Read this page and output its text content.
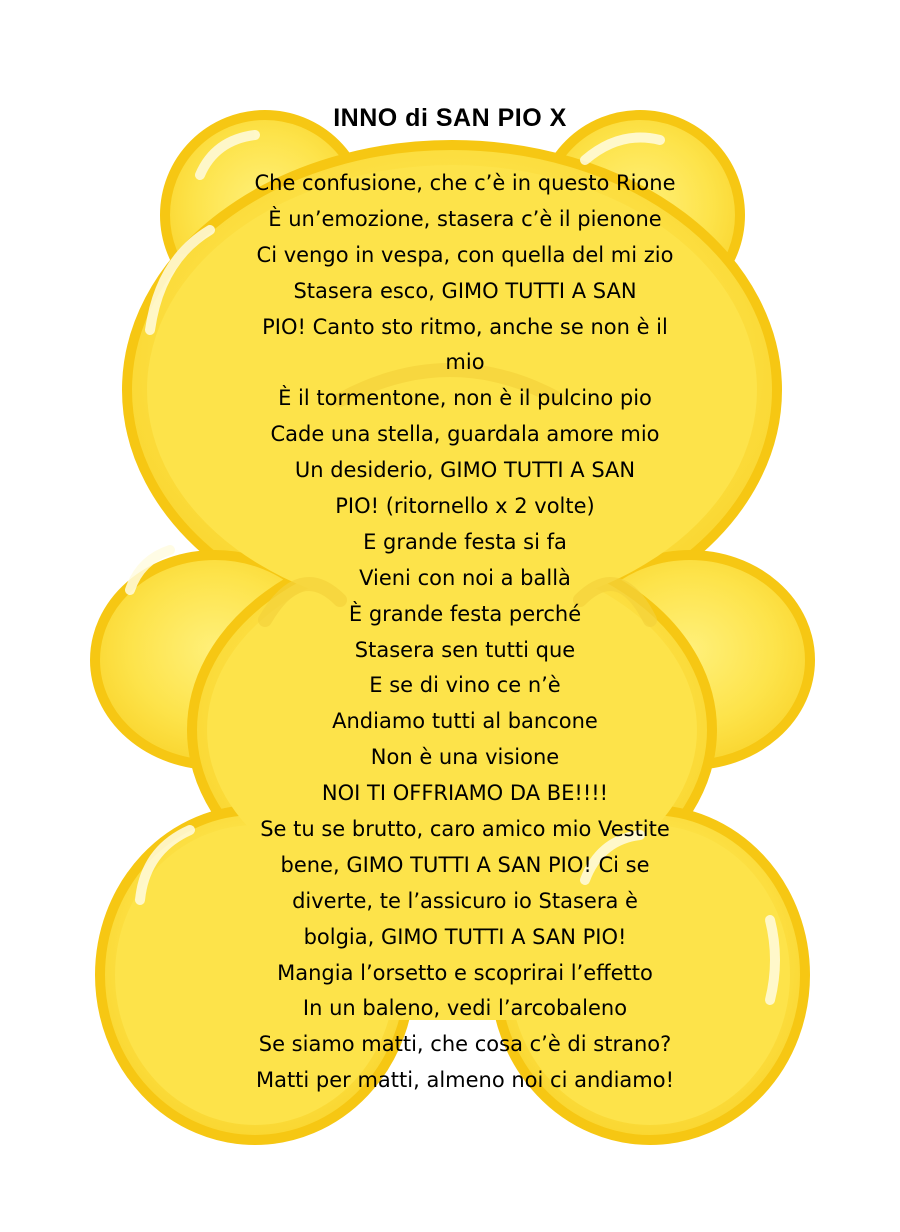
INNO di SAN PIO X
Che confusione, che c’è in questo Rione
È un’emozione, stasera c’è il pienone
Ci vengo in vespa, con quella del mi zio
Stasera esco, GIMO TUTTI A SAN
PIO! Canto sto ritmo, anche se non è il
mio
È il tormentone, non è il pulcino pio
Cade una stella, guardala amore mio
Un desiderio, GIMO TUTTI A SAN
PIO! (ritornello x 2 volte)
E grande festa si fa
Vieni con noi a ballà
È grande festa perché
Stasera sen tutti que
E se di vino ce n’è
Andiamo tutti al bancone
Non è una visione
NOI TI OFFRIAMO DA BE!!!!
Se tu se brutto, caro amico mio Vestite
bene, GIMO TUTTI A SAN PIO! Ci se
diverte, te l’assicuro io Stasera è
bolgia, GIMO TUTTI A SAN PIO!
Mangia l’orsetto e scoprirai l’effetto
In un baleno, vedi l’arcobaleno
Se siamo matti, che cosa c’è di strano?
Matti per matti, almeno noi ci andiamo!
